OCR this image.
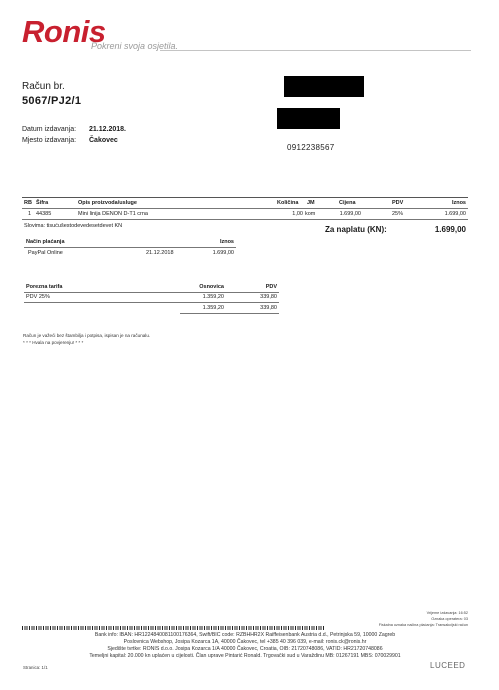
Ronis
Pokreni svoja osjetila.
Račun br.
5067/PJ2/1
Datum izdavanja: 21.12.2018.
Mjesto izdavanja: Čakovec
0912238567
RB Šifra	Opis proizvoda/usluge	Količina JM	Cijena	PDV	Iznos
1 44385	Mini linija DENON D-T1 crna	1,00 kom	1.699,00	25%	1.699,00
Slovima: tisućušestodevedesetdevet KN	Za naplatu (KN):	1.699,00
Način plaćanja	Iznos
PayPal Online	21.12.2018	1.699,00
Porezna tarifa	Osnovica	PDV
PDV 25%	1.359,20	339,80
1.359,20	339,80
Račun je važeći bez štambilja i potpisa, ispisan je na računalu.
* * * Hvala na povjerenju! * * *
Vrijeme izdavanja: 16:52
Oznaka operatera: 03
Fiskalna oznaka načina plaćanja: Transakcijski račun
Bank info: IBAN: HR1224840081100176364, Swift/BIC code: RZBHHR2X Raiffeisenbank Austria d.d., Petrinjska 59, 10000 Zagreb
Poslovnica Webshop, Josipa Kozarca 1A, 40000 Čakovec, tel +385 40 396 039, e-mail: ronis.ck@ronis.hr
Sjedište tvrtke: RONIS d.o.o. Josipa Kozarca 1/A 40000 Čakovec, Croatia, OIB: 21720748086, VATID: HR21720748086
Temeljni kapital: 20.000 kn uplaćen u cijelosti. Član uprave Pintarić Ronald. Trgovački sud u Varaždinu MB: 01267191 MBS: 070029901
Stranica: 1/1	LUCEED
